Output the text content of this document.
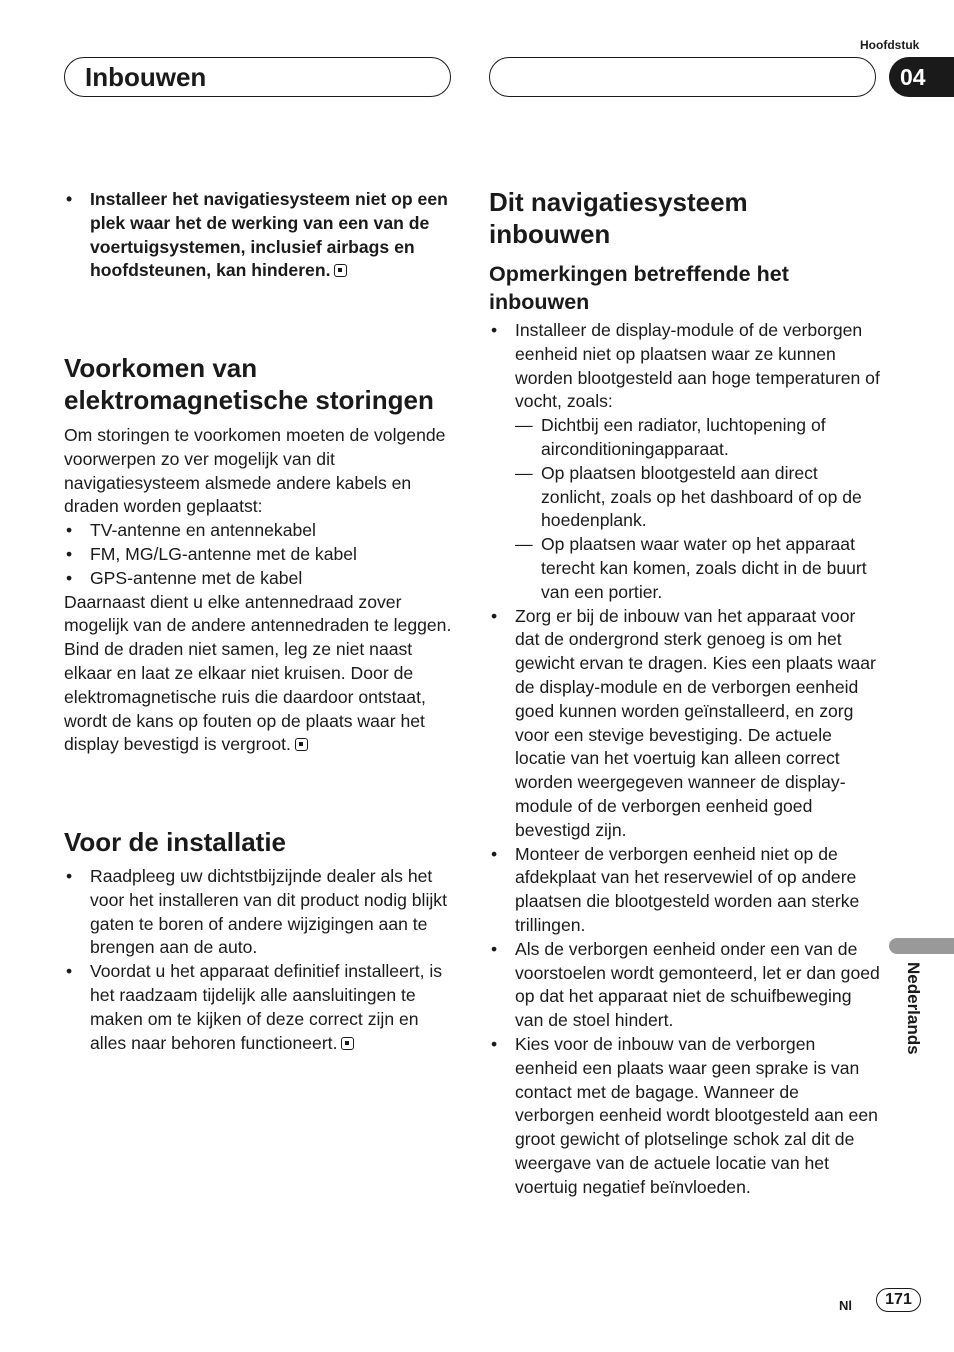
Inbouwen
Hoofdstuk
04
• Installeer het navigatiesysteem niet op een plek waar het de werking van een van de voertuigsystemen, inclusief airbags en hoofdsteunen, kan hinderen.
Voorkomen van
elektromagnetische storingen

Om storingen te voorkomen moeten de volgende voorwerpen zo ver mogelijk van dit navigatiesysteem alsmede andere kabels en draden worden geplaatst:

• TV-antenne en antennekabel
• FM, MG/LG-antenne met de kabel
• GPS-antenne met de kabel

Daarnaast dient u elke antennedraad zover mogelijk van de andere antennedraden te leggen. Bind de draden niet samen, leg ze niet naast elkaar en laat ze elkaar niet kruisen. Door de elektromagnetische ruis die daardoor ontstaat, wordt de kans op fouten op de plaats waar het display bevestigd is vergroot.

Voor de installatie
• Raadpleeg uw dichtstbijzijnde dealer als het voor het installeren van dit product nodig blijkt gaten te boren of andere wijzigingen aan te brengen aan de auto.
• Voordat u het apparaat definitief installeert, is het raadzaam tijdelijk alle aansluitingen te maken om te kijken of deze correct zijn en alles naar behoren functioneert.
Dit navigatiesysteem
inbouwen
Opmerkingen betreffende het
inbouwen
• Installeer de display-module of de verborgen eenheid niet op plaatsen waar ze kunnen worden blootgesteld aan hoge temperaturen of vocht, zoals:
— Dichtbij een radiator, luchtopening of airconditioningapparaat.
— Op plaatsen blootgesteld aan direct zonlicht, zoals op het dashboard of op de hoedenplank.
— Op plaatsen waar water op het apparaat terecht kan komen, zoals dicht in de buurt van een portier.
• Zorg er bij de inbouw van het apparaat voor dat de ondergrond sterk genoeg is om het gewicht ervan te dragen. Kies een plaats waar de display-module en de verborgen eenheid goed kunnen worden geïnstalleerd, en zorg voor een stevige bevestiging. De actuele locatie van het voertuig kan alleen correct worden weergegeven wanneer de display-module of de verborgen eenheid goed bevestigd zijn.
• Monteer de verborgen eenheid niet op de afdekplaat van het reservewiel of op andere plaatsen die blootgesteld worden aan sterke trillingen.
• Als de verborgen eenheid onder een van de voorstoelen wordt gemonteerd, let er dan goed op dat het apparaat niet de schuifbeweging van de stoel hindert.
• Kies voor de inbouw van de verborgen eenheid een plaats waar geen sprake is van contact met de bagage. Wanneer de verborgen eenheid wordt blootgesteld aan een groot gewicht of plotselinge schok zal dit de weergave van de actuele locatie van het voertuig negatief beïnvloeden.
Nederlands
Nl	171
